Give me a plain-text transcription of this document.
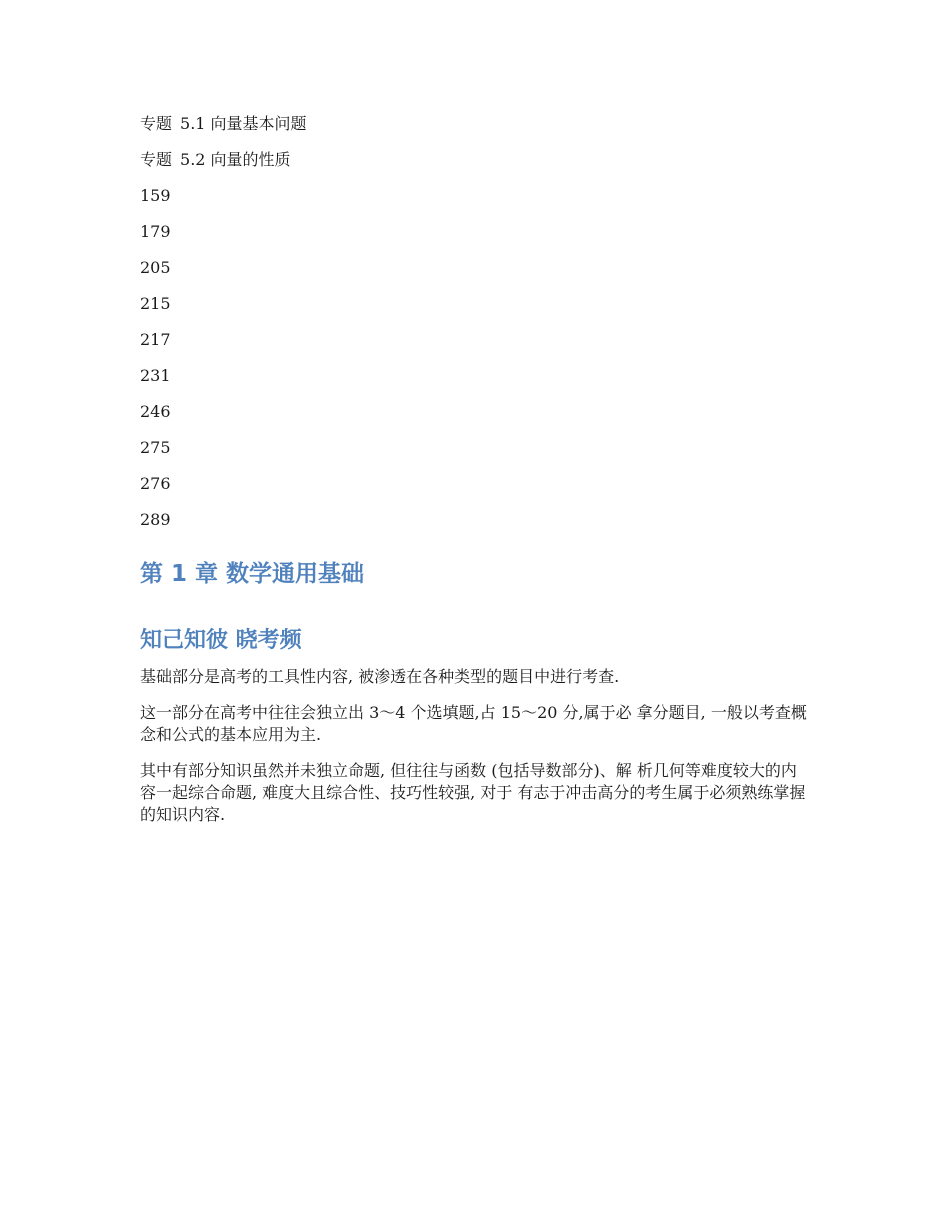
专题 5.1 向量基本问题
专题 5.2 向量的性质
159
179
205
215
217
231
246
275
276
289
第 1 章 数学通用基础
知己知彼 晓考频

基础部分是高考的工具性内容, 被渗透在各种类型的题目中进行考查.

这一部分在高考中往往会独立出 3～4 个选填题,占 15～20 分,属于必 拿分题目, 一般以考查概念和公式的基本应用为主.

其中有部分知识虽然并未独立命题, 但往往与函数 (包括导数部分)、解 析几何等难度较大的内容一起综合命题, 难度大且综合性、技巧性较强, 对于 有志于冲击高分的考生属于必须熟练掌握的知识内容.
